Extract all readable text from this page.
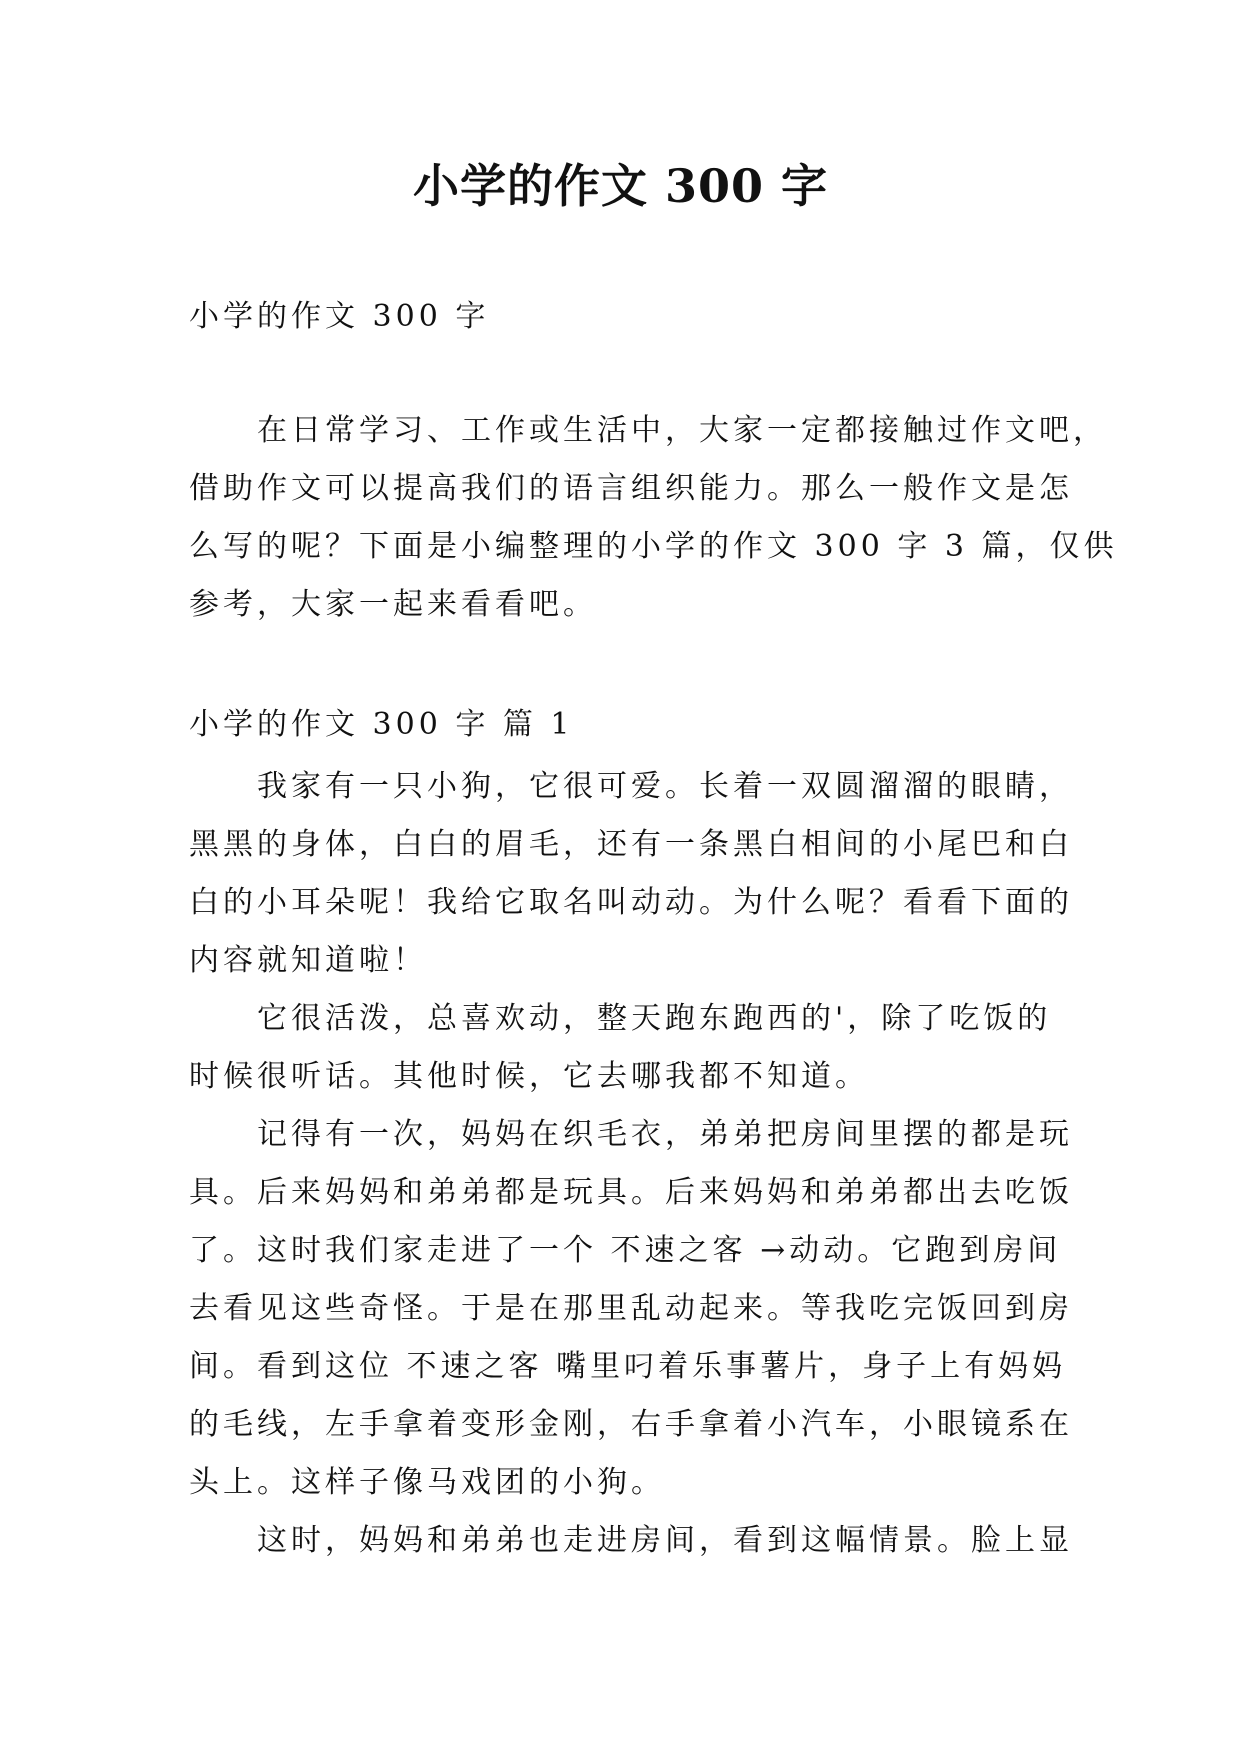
小学的作文 300 字
小学的作文 300 字
在日常学习、工作或生活中，大家一定都接触过作文吧，
借助作文可以提高我们的语言组织能力。那么一般作文是怎
么写的呢？下面是小编整理的小学的作文 300 字 3 篇，仅供
参考，大家一起来看看吧。
小学的作文 300 字 篇 1
我家有一只小狗，它很可爱。长着一双圆溜溜的眼睛，
黑黑的身体，白白的眉毛，还有一条黑白相间的小尾巴和白
白的小耳朵呢！我给它取名叫动动。为什么呢？看看下面的
内容就知道啦！
它很活泼，总喜欢动，整天跑东跑西的'，除了吃饭的
时候很听话。其他时候，它去哪我都不知道。
记得有一次，妈妈在织毛衣，弟弟把房间里摆的都是玩
具。后来妈妈和弟弟都是玩具。后来妈妈和弟弟都出去吃饭
了。这时我们家走进了一个 不速之客 →动动。它跑到房间
去看见这些奇怪。于是在那里乱动起来。等我吃完饭回到房
间。看到这位 不速之客 嘴里叼着乐事薯片，身子上有妈妈
的毛线，左手拿着变形金刚，右手拿着小汽车，小眼镜系在
头上。这样子像马戏团的小狗。
这时，妈妈和弟弟也走进房间，看到这幅情景。脸上显
